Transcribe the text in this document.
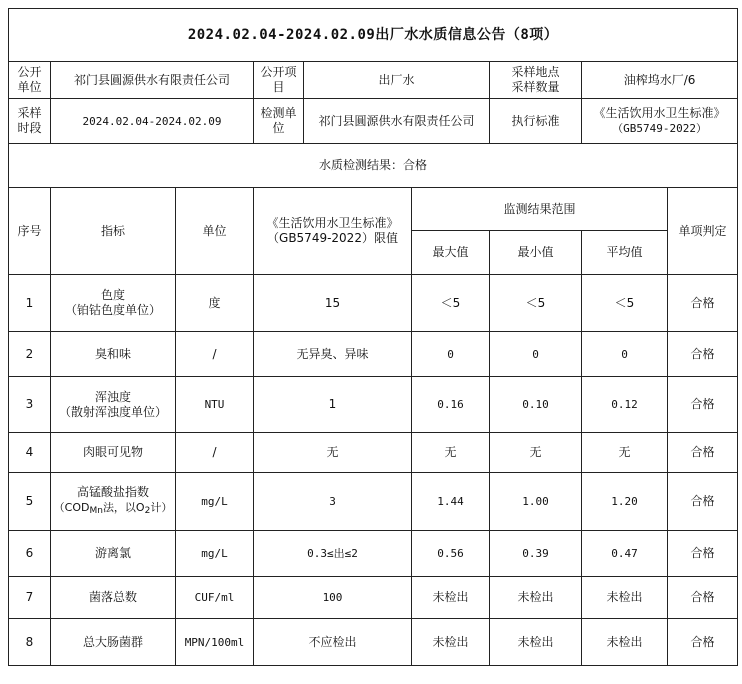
2024.02.04-2024.02.09出厂水水质信息公告（8项）								
公开单位	祁门县圓源供水有限责任公司		公开项目	出厂水		采样地点采样数量	油榨坞水厂/6	
采样时段	2024.02.04-2024.02.09		检测单位	祁门县圓源供水有限责任公司		执行标准	《生活饮用水卫生标准》
（GB5749-2022）	

水质检测结果：合格								
序号	指标	单位	《生活饮用水卫生标准》
（GB5749-2022）限值		监测结果范围			单项判定
					最大值	最小值	平均值	
1	色度
（铂钴色度单位）	度	15		＜5	＜5	＜5	合格
2	臭和味	/	无异臭、异味		0	0	0	合格
3	浑浊度
（散射浑浊度单位）	NTU	1		0.16	0.10	0.12	合格
4	肉眼可见物	/	无		无	无	无	合格
5	高锰酸盐指数
（$COD_{Mn}$法，以$O_2$计）	mg/L	3		1.44	1.00	1.20	合格
6	游离氯	mg/L	0.3≤出≤2		0.56	0.39	0.47	合格
7	菌落总数	CUF/ml	100		未检出	未检出	未检出	合格
8	总大肠菌群	MPN/100ml	不应检出		未检出	未检出	未检出	合格
